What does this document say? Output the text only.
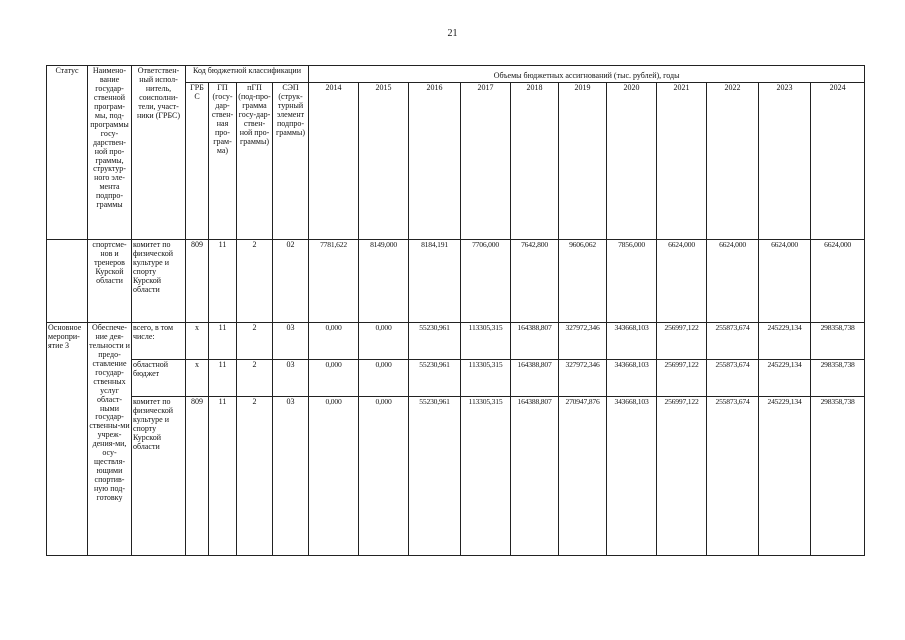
21
Статус	Наимено-вание государ-ственной програм-мы, под-программы госу-дарствен-ной про-граммы, структур-ного эле-мента подпро-граммы	Ответствен-ный испол-нитель, соисполни-тели, участ-ники (ГРБС)	Код бюджетной классификации				Объемы бюджетных ассигнований (тыс. рублей), годы										
			ГРБ С	ГП (госу-дар-ствен-ная про-грам-ма)	пГП (под-про-грамма госу-дар-ствен-ной про-граммы)	СЭП (струк-турный элемент подпро-граммы)	2014	2015	2016	2017	2018	2019	2020	2021	2022	2023	2024
	спортсме-нов и тренеров Курской области	комитет по физической культуре и спорту Курской области	809	11	2	02	7781,622	8149,000	8184,191	7706,000	7642,800	9606,062	7856,000	6624,000	6624,000	6624,000	6624,000
Основное меропри-ятие 3	Обеспече-ние дея-тельности и предо-ставление государ-ственных услуг област-ными государ-ственны-ми учреж-дения-ми, осу-ществля-ющими спортив-ную под-готовку	всего, в том числе:	x	11	2	03	0,000	0,000	55230,961	113305,315	164388,807	327972,346	343668,103	256997,122	255873,674	245229,134	298358,738
		областной бюджет	x	11	2	03	0,000	0,000	55230,961	113305,315	164388,807	327972,346	343668,103	256997,122	255873,674	245229,134	298358,738
		комитет по физической культуре и спорту Курской области	809	11	2	03	0,000	0,000	55230,961	113305,315	164388,807	270947,876	343668,103	256997,122	255873,674	245229,134	298358,738
